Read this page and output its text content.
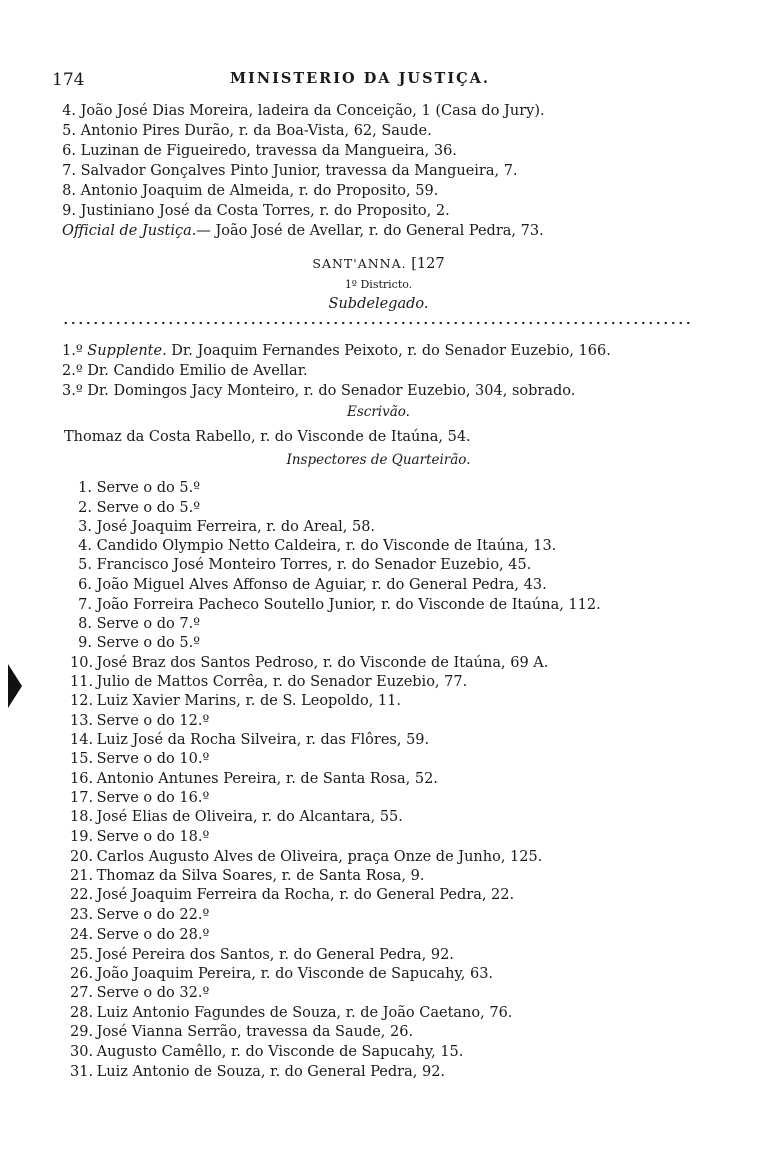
174	MINISTERIO DA JUSTIÇA.
4. João José Dias Moreira, ladeira da Conceição, 1 (Casa do Jury).
5. Antonio Pires Durão, r. da Boa-Vista, 62, Saude.
6. Luzinan de Figueiredo, travessa da Mangueira, 36.
7. Salvador Gonçalves Pinto Junior, travessa da Mangueira, 7.
8. Antonio Joaquim de Almeida, r. do Proposito, 59.
9. Justiniano José da Costa Torres, r. do Proposito, 2.
Official de Justiça.— João José de Avellar, r. do General Pedra, 73.
SANT'ANNA. [127
1º Districto.
Subdelegado.
1.º Supplente. Dr. Joaquim Fernandes Peixoto, r. do Senador Euzebio, 166.
2.º Dr. Candido Emilio de Avellar.
3.º Dr. Domingos Jacy Monteiro, r. do Senador Euzebio, 304, sobrado.
Escrivão.
Thomaz da Costa Rabello, r. do Visconde de Itaúna, 54.
Inspectores de Quarteirão.
1. Serve o do 5.º
2. Serve o do 5.º
3. José Joaquim Ferreira, r. do Areal, 58.
4. Candido Olympio Netto Caldeira, r. do Visconde de Itaúna, 13.
5. Francisco José Monteiro Torres, r. do Senador Euzebio, 45.
6. João Miguel Alves Affonso de Aguiar, r. do General Pedra, 43.
7. João Forreira Pacheco Soutello Junior, r. do Visconde de Itaúna, 112.
8. Serve o do 7.º
9. Serve o do 5.º
10. José Braz dos Santos Pedroso, r. do Visconde de Itaúna, 69 A.
11. Julio de Mattos Corrêa, r. do Senador Euzebio, 77.
12. Luiz Xavier Marins, r. de S. Leopoldo, 11.
13. Serve o do 12.º
14. Luiz José da Rocha Silveira, r. das Flôres, 59.
15. Serve o do 10.º
16. Antonio Antunes Pereira, r. de Santa Rosa, 52.
17. Serve o do 16.º
18. José Elias de Oliveira, r. do Alcantara, 55.
19. Serve o do 18.º
20. Carlos Augusto Alves de Oliveira, praça Onze de Junho, 125.
21. Thomaz da Silva Soares, r. de Santa Rosa, 9.
22. José Joaquim Ferreira da Rocha, r. do General Pedra, 22.
23. Serve o do 22.º
24. Serve o do 28.º
25. José Pereira dos Santos, r. do General Pedra, 92.
26. João Joaquim Pereira, r. do Visconde de Sapucahy, 63.
27. Serve o do 32.º
28. Luiz Antonio Fagundes de Souza, r. de João Caetano, 76.
29. José Vianna Serrão, travessa da Saude, 26.
30. Augusto Camêllo, r. do Visconde de Sapucahy, 15.
31. Luiz Antonio de Souza, r. do General Pedra, 92.
